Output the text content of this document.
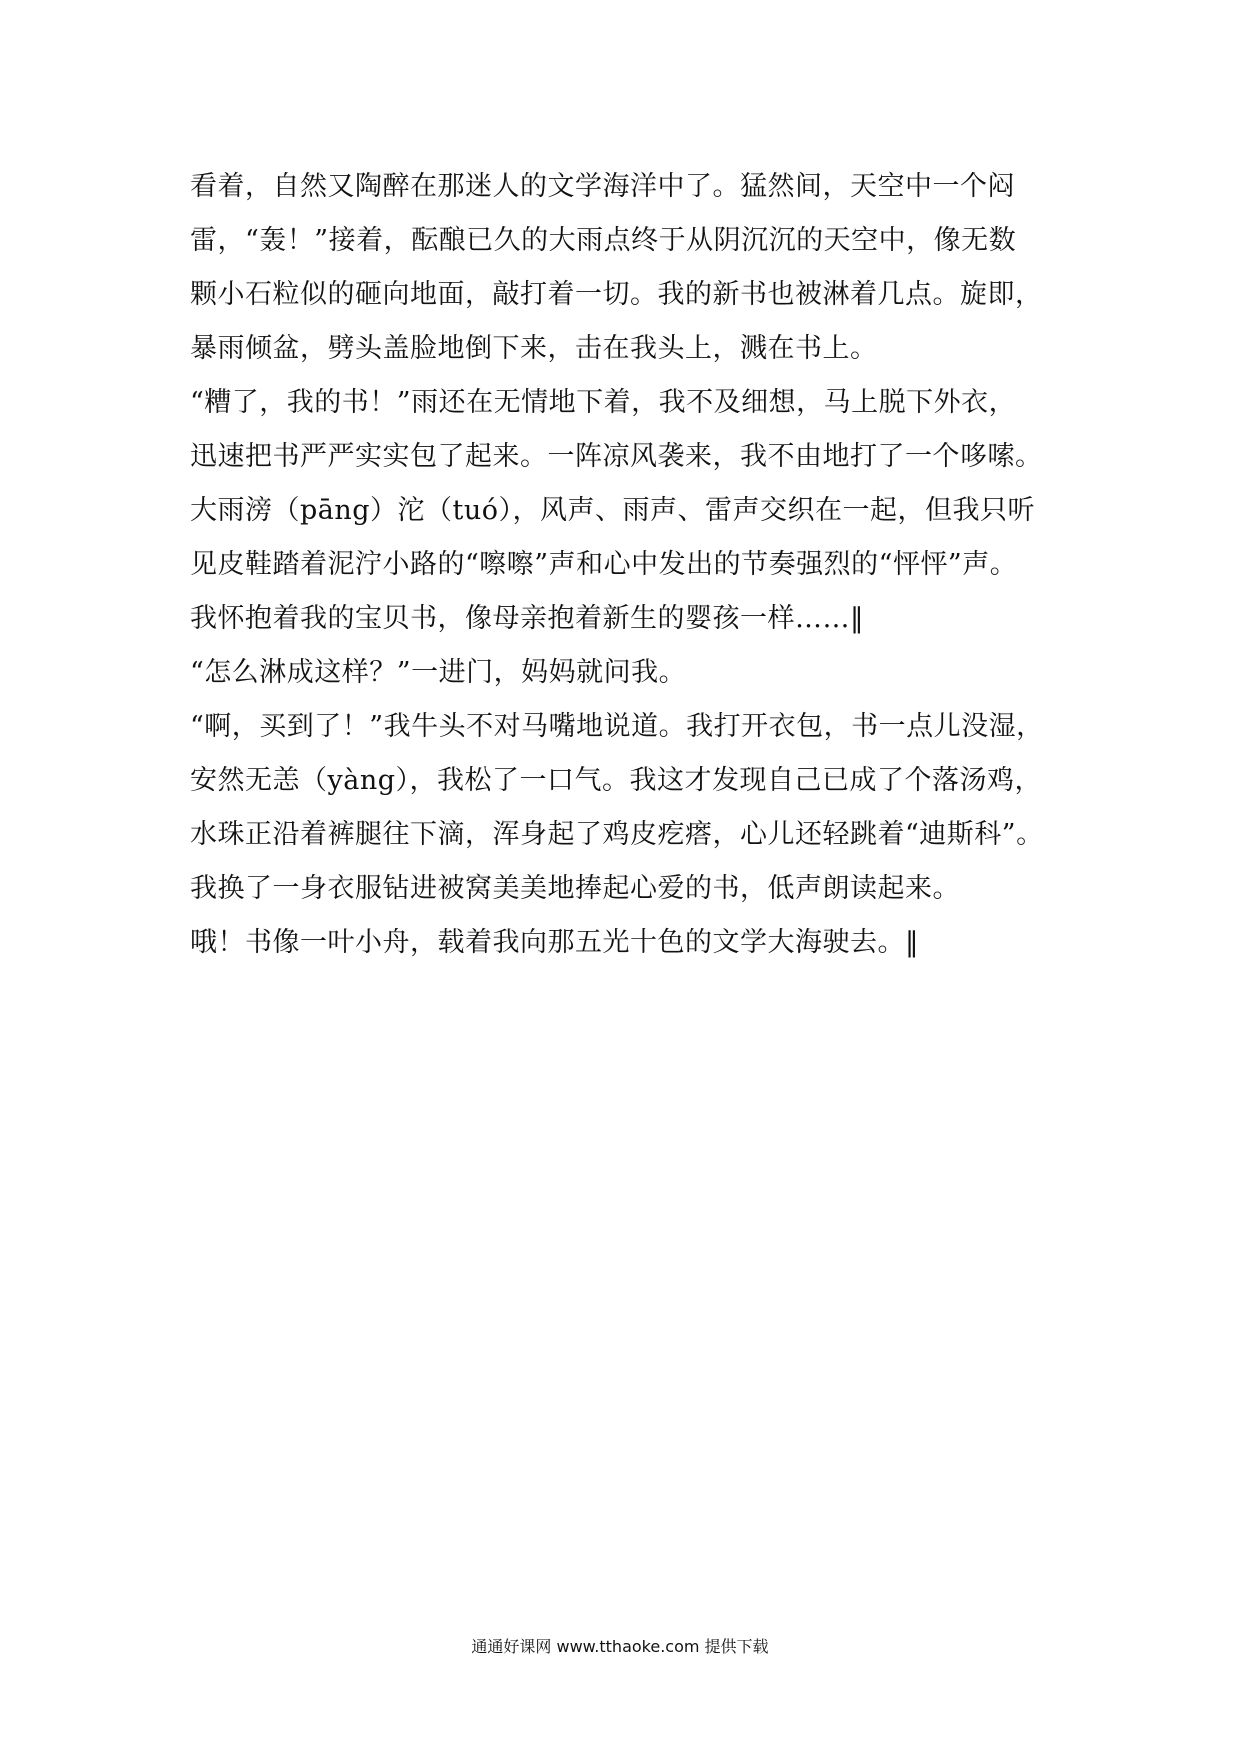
看着，自然又陶醉在那迷人的文学海洋中了。猛然间，天空中一个闷
雷，“轰！”接着，酝酿已久的大雨点终于从阴沉沉的天空中，像无数
颗小石粒似的砸向地面，敲打着一切。我的新书也被淋着几点。旋即，
暴雨倾盆，劈头盖脸地倒下来，击在我头上，溅在书上。
“糟了，我的书！”雨还在无情地下着，我不及细想，马上脱下外衣，
迅速把书严严实实包了起来。一阵凉风袭来，我不由地打了一个哆嗦。
大雨滂（pāng）沱（tuó），风声、雨声、雷声交织在一起，但我只听
见皮鞋踏着泥泞小路的“嚓嚓”声和心中发出的节奏强烈的“怦怦”声。
我怀抱着我的宝贝书，像母亲抱着新生的婴孩一样……‖
“怎么淋成这样？”一进门，妈妈就问我。
“啊，买到了！”我牛头不对马嘴地说道。我打开衣包，书一点儿没湿，
安然无恙（yàng），我松了一口气。我这才发现自己已成了个落汤鸡，
水珠正沿着裤腿往下滴，浑身起了鸡皮疙瘩，心儿还轻跳着“迪斯科”。
我换了一身衣服钻进被窝美美地捧起心爱的书，低声朗读起来。
哦！书像一叶小舟，载着我向那五光十色的文学大海驶去。‖
通通好课网 www.tthaoke.com 提供下载
